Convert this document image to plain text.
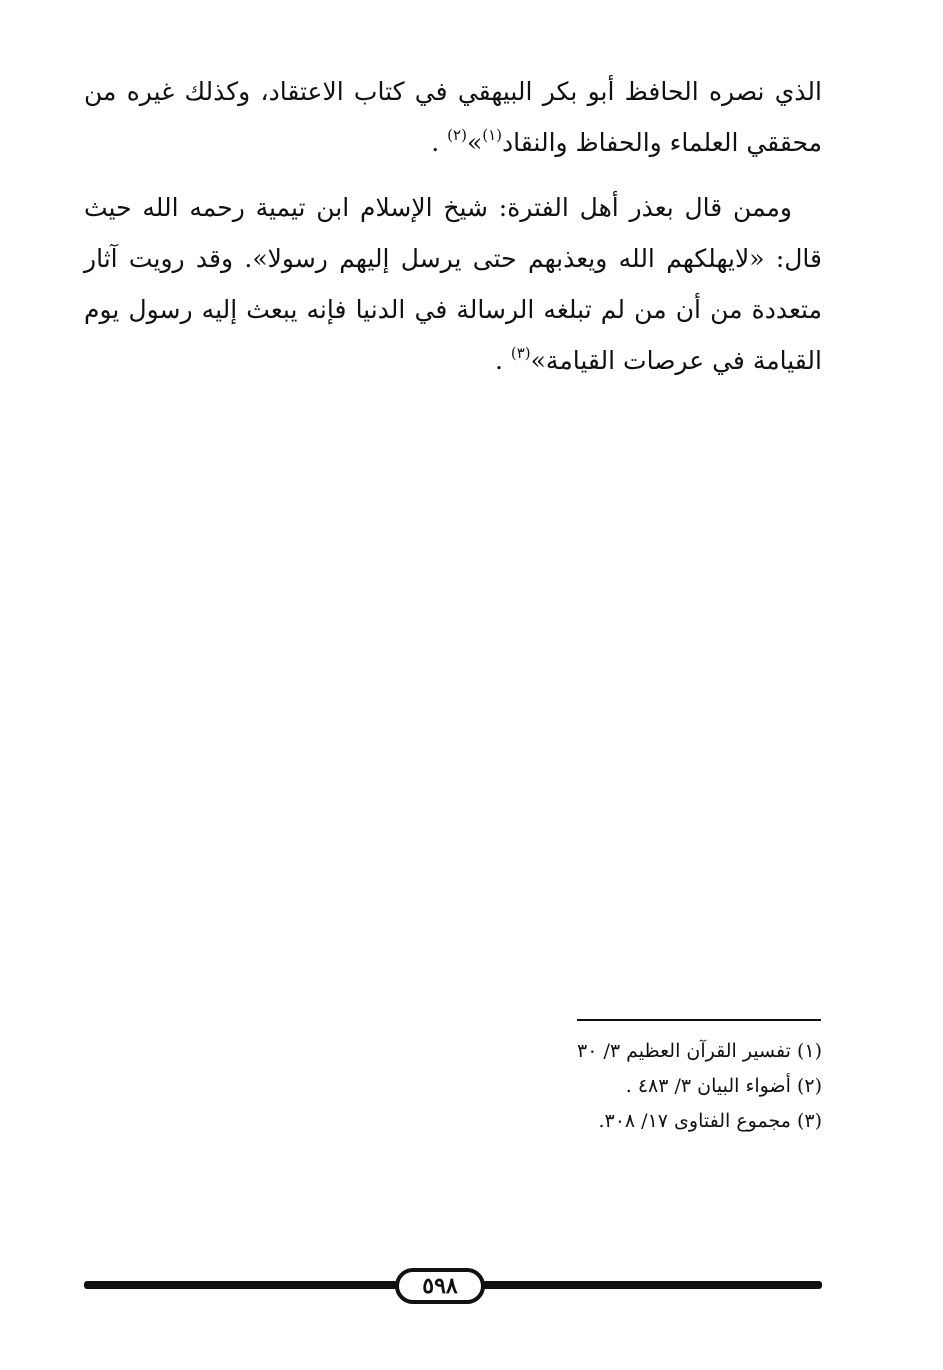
الذي نصره الحافظ أبو بكر البيهقي في كتاب الاعتقاد، وكذلك غيره من محققي العلماء والحفاظ والنقاد$^{(١)}$»$^{(٢)}$ .

وممن قال بعذر أهل الفترة: شيخ الإسلام ابن تيمية رحمه الله حيث قال: «لايهلكهم الله ويعذبهم حتى يرسل إليهم رسولا». وقد رويت آثار متعددة من أن من لم تبلغه الرسالة في الدنيا فإنه يبعث إليه رسول يوم القيامة في عرصات القيامة»$^{(٣)}$ .

(١) تفسير القرآن العظيم ٣/ ٣٠

(٢) أضواء البيان ٣/ ٤٨٣ .

(٣) مجموع الفتاوى ١٧/ ٣٠٨.

٥٩٨
